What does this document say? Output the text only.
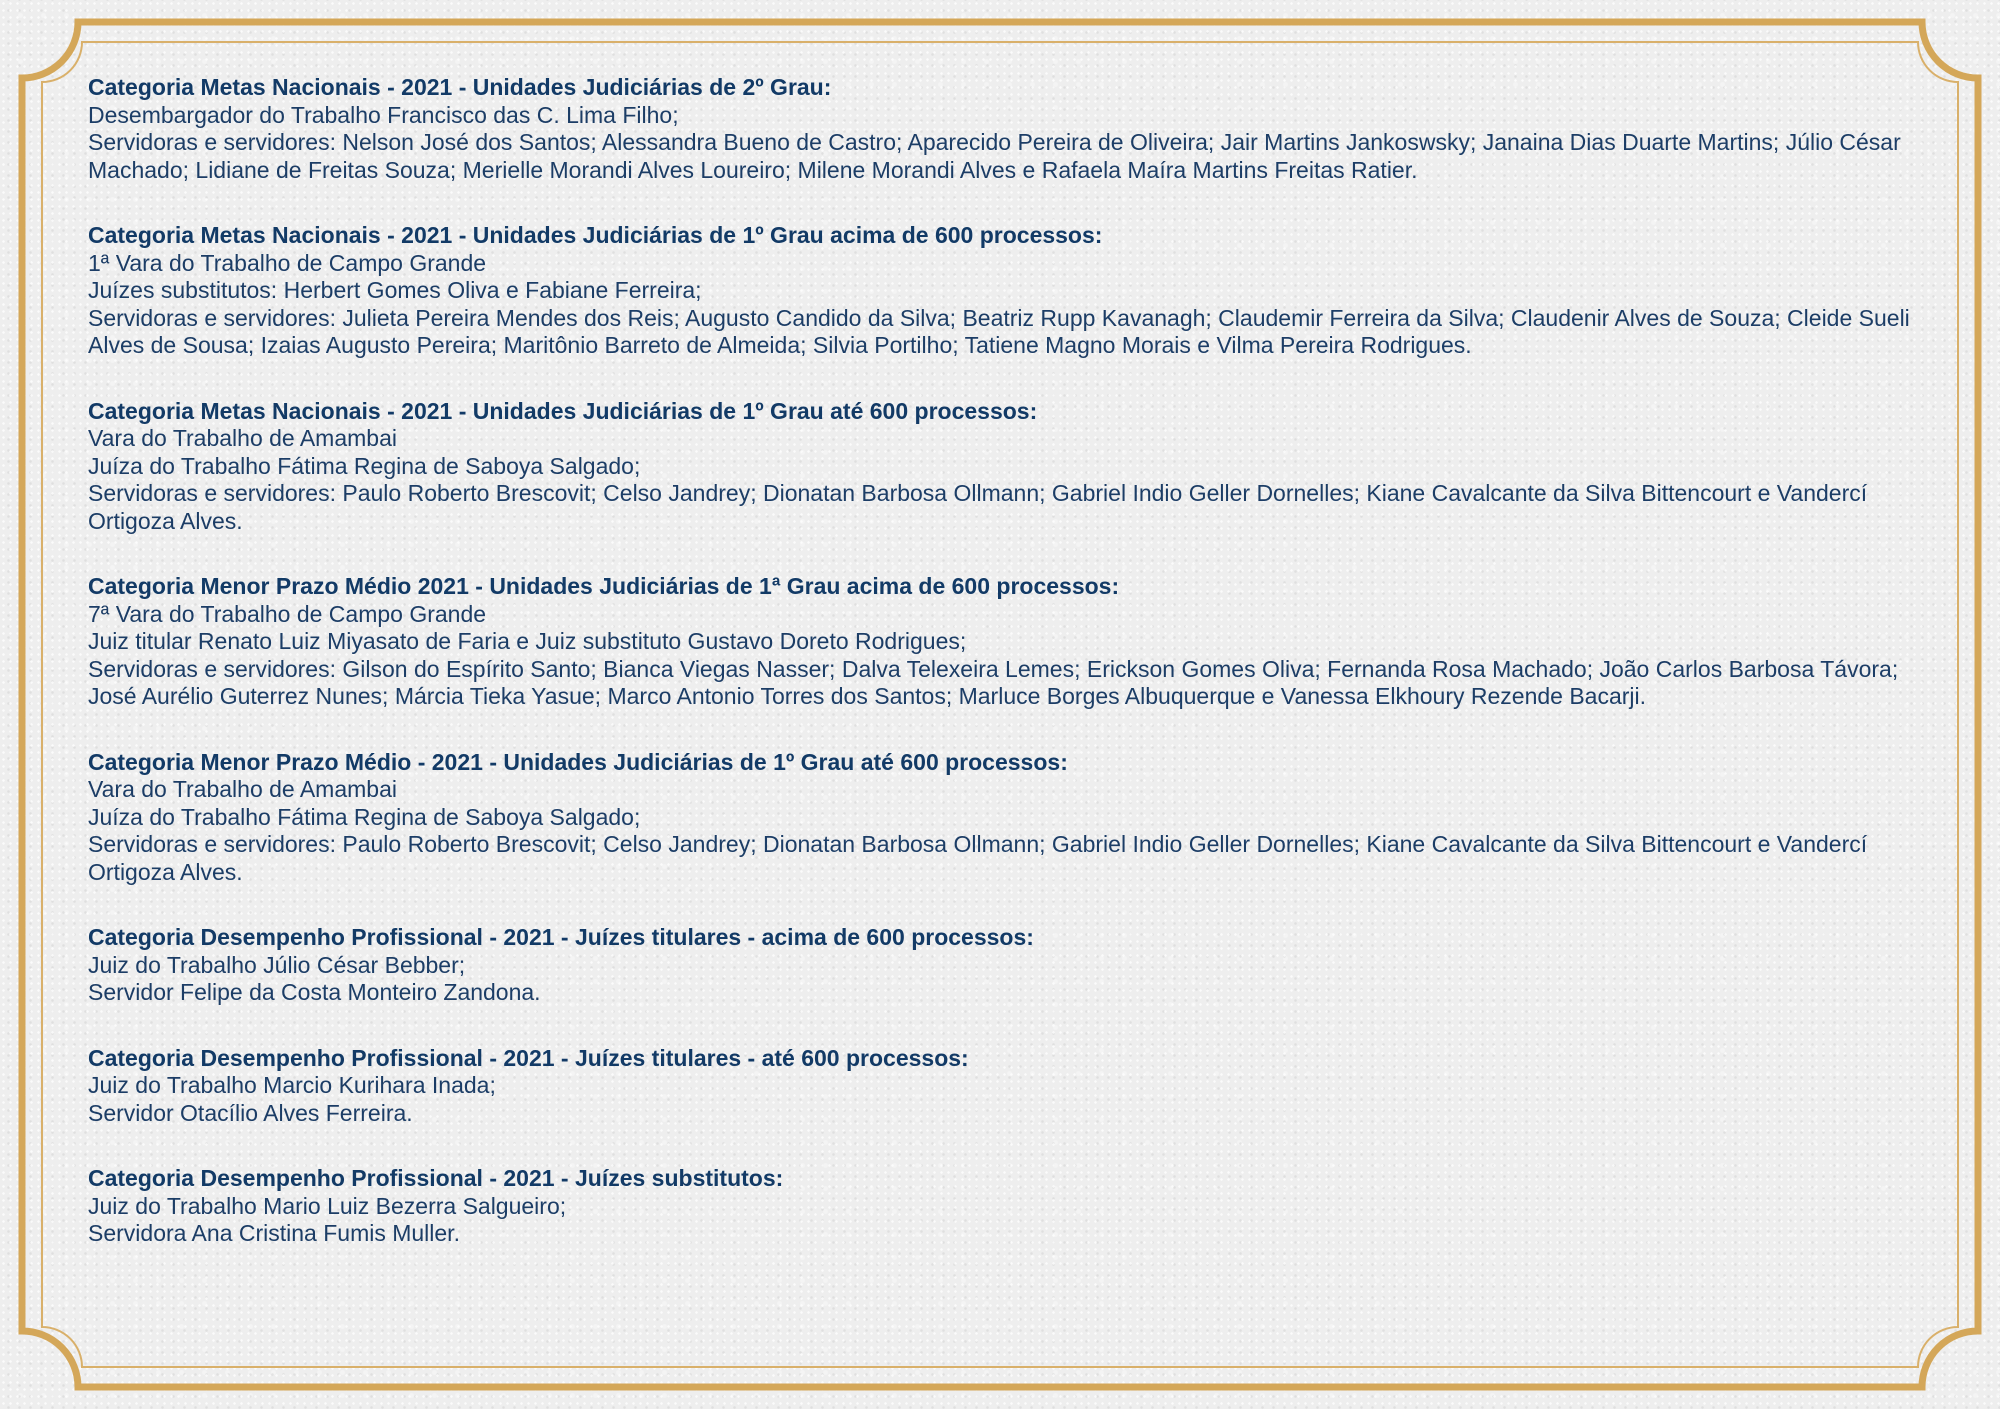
Categoria Metas Nacionais - 2021 - Unidades Judiciárias de 2º Grau:
Desembargador do Trabalho Francisco das C. Lima Filho;
Servidoras e servidores: Nelson José dos Santos; Alessandra Bueno de Castro; Aparecido Pereira de Oliveira; Jair Martins Jankoswsky; Janaina Dias Duarte Martins; Júlio César Machado; Lidiane de Freitas Souza; Merielle Morandi Alves Loureiro; Milene Morandi Alves e Rafaela Maíra Martins Freitas Ratier.
Categoria Metas Nacionais - 2021 - Unidades Judiciárias de 1º Grau acima de 600 processos:
1ª Vara do Trabalho de Campo Grande
Juízes substitutos: Herbert Gomes Oliva e Fabiane Ferreira;
Servidoras e servidores: Julieta Pereira Mendes dos Reis; Augusto Candido da Silva; Beatriz Rupp Kavanagh; Claudemir Ferreira da Silva; Claudenir Alves de Souza; Cleide Sueli Alves de Sousa; Izaias Augusto Pereira; Maritônio Barreto de Almeida; Silvia Portilho; Tatiene Magno Morais e Vilma Pereira Rodrigues.
Categoria Metas Nacionais - 2021 - Unidades Judiciárias de 1º Grau até 600 processos:
Vara do Trabalho de Amambai
Juíza do Trabalho Fátima Regina de Saboya Salgado;
Servidoras e servidores: Paulo Roberto Brescovit; Celso Jandrey; Dionatan Barbosa Ollmann; Gabriel Indio Geller Dornelles; Kiane Cavalcante da Silva Bittencourt e Vandercí Ortigoza Alves.
Categoria Menor Prazo Médio 2021 - Unidades Judiciárias de 1ª Grau acima de 600 processos:
7ª Vara do Trabalho de Campo Grande
Juiz titular Renato Luiz Miyasato de Faria e Juiz substituto Gustavo Doreto Rodrigues;
Servidoras e servidores: Gilson do Espírito Santo; Bianca Viegas Nasser; Dalva Telexeira Lemes; Erickson Gomes Oliva; Fernanda Rosa Machado; João Carlos Barbosa Távora; José Aurélio Guterrez Nunes; Márcia Tieka Yasue; Marco Antonio Torres dos Santos; Marluce Borges Albuquerque e Vanessa Elkhoury Rezende Bacarji.
Categoria Menor Prazo Médio - 2021 - Unidades Judiciárias de 1º Grau até 600 processos:
Vara do Trabalho de Amambai
Juíza do Trabalho Fátima Regina de Saboya Salgado;
Servidoras e servidores: Paulo Roberto Brescovit; Celso Jandrey; Dionatan Barbosa Ollmann; Gabriel Indio Geller Dornelles; Kiane Cavalcante da Silva Bittencourt e Vandercí Ortigoza Alves.
Categoria Desempenho Profissional - 2021 - Juízes titulares - acima de 600 processos:
Juiz do Trabalho Júlio César Bebber;
Servidor Felipe da Costa Monteiro Zandona.
Categoria Desempenho Profissional - 2021 - Juízes titulares - até 600 processos:
Juiz do Trabalho Marcio Kurihara Inada;
Servidor Otacílio Alves Ferreira.
Categoria Desempenho Profissional - 2021 - Juízes substitutos:
Juiz do Trabalho Mario Luiz Bezerra Salgueiro;
Servidora Ana Cristina Fumis Muller.
